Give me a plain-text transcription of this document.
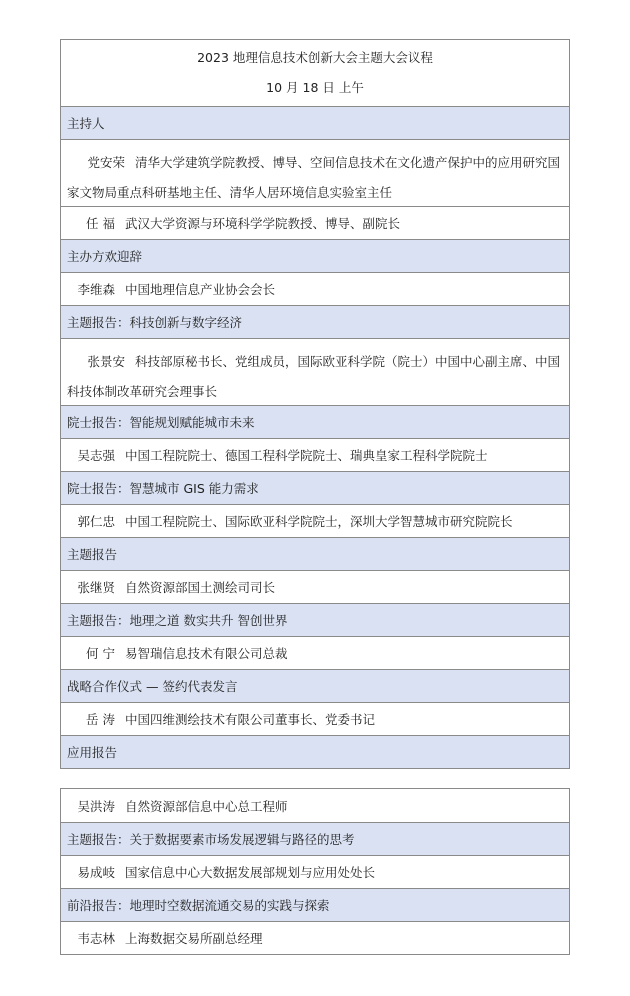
2023 地理信息技术创新大会主题大会议程
10 月 18 日 上午
主持人
党安荣 清华大学建筑学院教授、博导、空间信息技术在文化遗产保护中的应用研究国家文物局重点科研基地主任、清华人居环境信息实验室主任
任 福 武汉大学资源与环境科学学院教授、博导、副院长
主办方欢迎辞
李维森 中国地理信息产业协会会长
主题报告：科技创新与数字经济
张景安 科技部原秘书长、党组成员，国际欧亚科学院（院士）中国中心副主席、中国科技体制改革研究会理事长
院士报告：智能规划赋能城市未来
吴志强 中国工程院院士、德国工程科学院院士、瑞典皇家工程科学院院士
院士报告：智慧城市 GIS 能力需求
郭仁忠 中国工程院院士、国际欧亚科学院院士，深圳大学智慧城市研究院院长
主题报告
张继贤 自然资源部国土测绘司司长
主题报告：地理之道 数实共升 智创世界
何 宁 易智瑞信息技术有限公司总裁
战略合作仪式 — 签约代表发言
岳 涛 中国四维测绘技术有限公司董事长、党委书记
应用报告
吴洪涛 自然资源部信息中心总工程师
主题报告：关于数据要素市场发展逻辑与路径的思考
易成岐 国家信息中心大数据发展部规划与应用处处长
前沿报告：地理时空数据流通交易的实践与探索
韦志林 上海数据交易所副总经理
